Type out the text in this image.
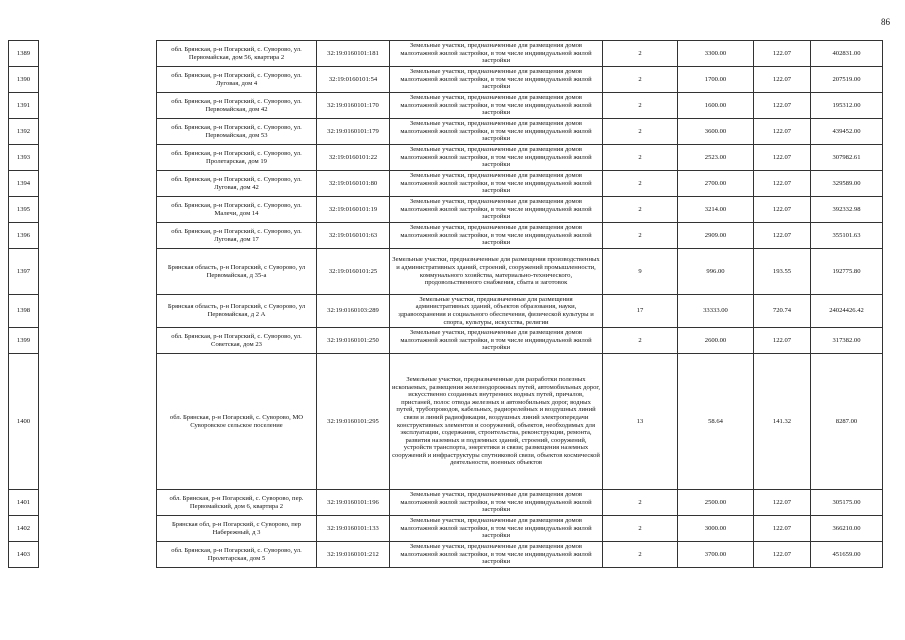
86
1389		обл. Брянская, р-н Погарский, с. Суворово, ул. Первомайская, дом 56, квартира 2	32:19:0160101:181	Земельные участки, предназначенные для размещения домов малоэтажной жилой застройки, в том числе индивидуальной жилой застройки	2	3300.00	122.07	402831.00
1390		обл. Брянская, р-н Погарский, с. Суворово, ул. Луговая, дом 4	32:19:0160101:54	Земельные участки, предназначенные для размещения домов малоэтажной жилой застройки, в том числе индивидуальной жилой застройки	2	1700.00	122.07	207519.00
1391		обл. Брянская, р-н Погарский, с. Суворово, ул. Первомайская, дом 42	32:19:0160101:170	Земельные участки, предназначенные для размещения домов малоэтажной жилой застройки, в том числе индивидуальной жилой застройки	2	1600.00	122.07	195312.00
1392		обл. Брянская, р-н Погарский, с. Суворово, ул. Первомайская, дом 53	32:19:0160101:179	Земельные участки, предназначенные для размещения домов малоэтажной жилой застройки, в том числе индивидуальной жилой застройки	2	3600.00	122.07	439452.00
1393		обл. Брянская, р-н Погарский, с. Суворово, ул. Пролетарская, дом 19	32:19:0160101:22	Земельные участки, предназначенные для размещения домов малоэтажной жилой застройки, в том числе индивидуальной жилой застройки	2	2523.00	122.07	307982.61
1394		обл. Брянская, р-н Погарский, с. Суворово, ул. Луговая, дом 42	32:19:0160101:80	Земельные участки, предназначенные для размещения домов малоэтажной жилой застройки, в том числе индивидуальной жилой застройки	2	2700.00	122.07	329589.00
1395		обл. Брянская, р-н Погарский, с. Суворово, ул. Малечи, дом 14	32:19:0160101:19	Земельные участки, предназначенные для размещения домов малоэтажной жилой застройки, в том числе индивидуальной жилой застройки	2	3214.00	122.07	392332.98
1396		обл. Брянская, р-н Погарский, с. Суворово, ул. Луговая, дом 17	32:19:0160101:63	Земельные участки, предназначенные для размещения домов малоэтажной жилой застройки, в том числе индивидуальной жилой застройки	2	2909.00	122.07	355101.63
1397		Брянская область, р-н Погарский, с Суворово, ул Первомайская, д 35-а	32:19:0160101:25	Земельные участки, предназначенные для размещения производственных и административных зданий, строений, сооружений промышленности, коммунального хозяйства, материально-технического, продовольственного снабжения, сбыта и заготовок	9	996.00	193.55	192775.80
1398		Брянская область, р-н Погарский, с Суворово, ул Первомайская, д 2 А	32:19:0160103:289	Земельные участки, предназначенные для размещения административных зданий, объектов образования, науки, здравоохранения и социального обеспечения, физической культуры и спорта, культуры, искусства, религии	17	33333.00	720.74	24024426.42
1399		обл. Брянская, р-н Погарский, с. Суворово, ул. Советская, дом 23	32:19:0160101:250	Земельные участки, предназначенные для размещения домов малоэтажной жилой застройки, в том числе индивидуальной жилой застройки	2	2600.00	122.07	317382.00
1400		обл. Брянская, р-н Погарский, с. Суворово, МО Суворовское сельское поселение	32:19:0160101:295	Земельные участки, предназначенные для разработки полезных ископаемых, размещения железнодорожных путей, автомобильных дорог, искусственно созданных внутренних водных путей, причалов, пристаней, полос отвода железных и автомобильных дорог, водных путей, трубопроводов, кабельных, радиорелейных и воздушных линий связи и линий радиофикации, воздушных линий электропередачи конструктивных элементов и сооружений, объектов, необходимых для эксплуатации, содержания, строительства, реконструкции, ремонта, развития наземных и подземных зданий, строений, сооружений, устройств транспорта, энергетики и связи; размещения наземных сооружений и инфраструктуры спутниковой связи, объектов космической деятельности, военных объектов	13	58.64	141.32	8287.00
1401		обл. Брянская, р-н Погарский, с. Суворово, пер. Первомайский, дом 6, квартира 2	32:19:0160101:196	Земельные участки, предназначенные для размещения домов малоэтажной жилой застройки, в том числе индивидуальной жилой застройки	2	2500.00	122.07	305175.00
1402		Брянская обл, р-н Погарский, с Суворово, пер Набережный, д 3	32:19:0160101:133	Земельные участки, предназначенные для размещения домов малоэтажной жилой застройки, в том числе индивидуальной жилой застройки	2	3000.00	122.07	366210.00
1403		обл. Брянская, р-н Погарский, с. Суворово, ул. Пролетарская, дом 5	32:19:0160101:212	Земельные участки, предназначенные для размещения домов малоэтажной жилой застройки, в том числе индивидуальной жилой застройки	2	3700.00	122.07	451659.00
